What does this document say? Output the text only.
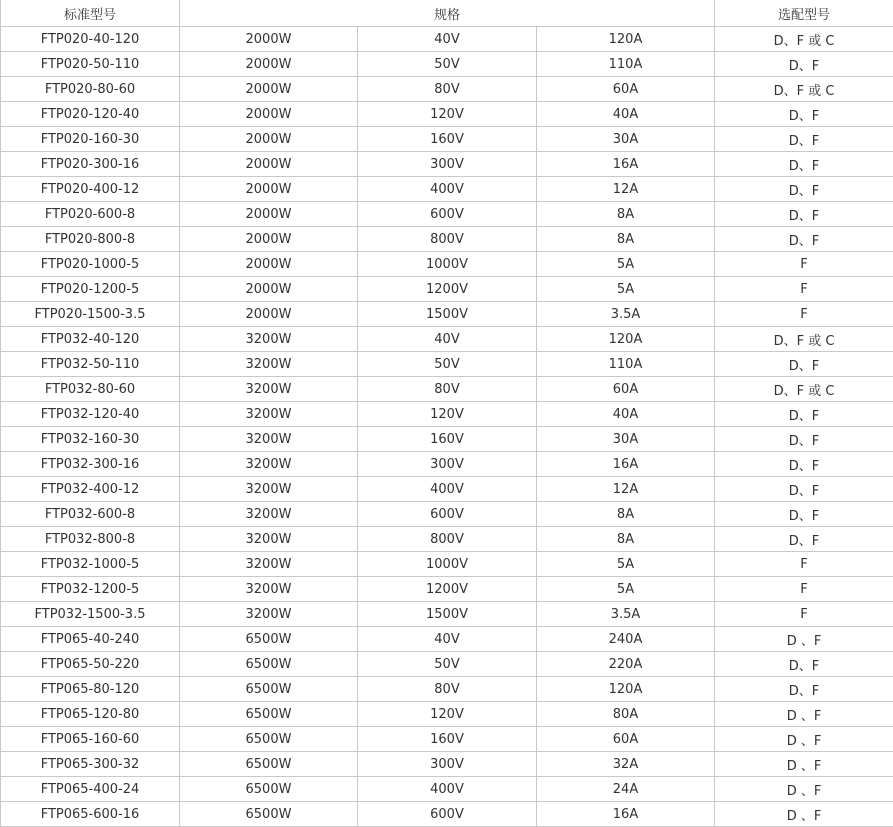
标准型号	规格			选配型号
FTP020-40-120	2000W	40V	120A	D、F 或 C
FTP020-50-110	2000W	50V	110A	D、F
FTP020-80-60	2000W	80V	60A	D、F 或 C
FTP020-120-40	2000W	120V	40A	D、F
FTP020-160-30	2000W	160V	30A	D、F
FTP020-300-16	2000W	300V	16A	D、F
FTP020-400-12	2000W	400V	12A	D、F
FTP020-600-8	2000W	600V	8A	D、F
FTP020-800-8	2000W	800V	8A	D、F
FTP020-1000-5	2000W	1000V	5A	F
FTP020-1200-5	2000W	1200V	5A	F
FTP020-1500-3.5	2000W	1500V	3.5A	F
FTP032-40-120	3200W	40V	120A	D、F 或 C
FTP032-50-110	3200W	50V	110A	D、F
FTP032-80-60	3200W	80V	60A	D、F 或 C
FTP032-120-40	3200W	120V	40A	D、F
FTP032-160-30	3200W	160V	30A	D、F
FTP032-300-16	3200W	300V	16A	D、F
FTP032-400-12	3200W	400V	12A	D、F
FTP032-600-8	3200W	600V	8A	D、F
FTP032-800-8	3200W	800V	8A	D、F
FTP032-1000-5	3200W	1000V	5A	F
FTP032-1200-5	3200W	1200V	5A	F
FTP032-1500-3.5	3200W	1500V	3.5A	F
FTP065-40-240	6500W	40V	240A	D 、F
FTP065-50-220	6500W	50V	220A	D、F
FTP065-80-120	6500W	80V	120A	D、F
FTP065-120-80	6500W	120V	80A	D 、F
FTP065-160-60	6500W	160V	60A	D 、F
FTP065-300-32	6500W	300V	32A	D 、F
FTP065-400-24	6500W	400V	24A	D 、F
FTP065-600-16	6500W	600V	16A	D 、F
